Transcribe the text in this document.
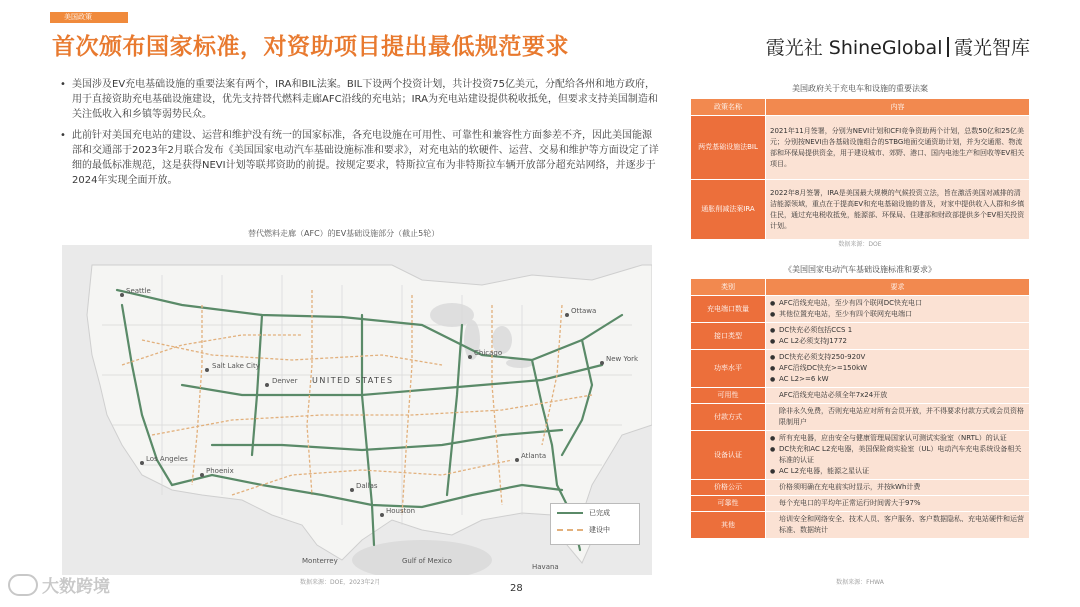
美国政策
首次颁布国家标准，对资助项目提出最低规范要求	霞光社 ShineGlobal 霞光智库

• 美国涉及EV充电基础设施的重要法案有两个，IRA和BIL法案。BIL下设两个投资计划，共计投资75亿美元，分配给各州和地方政府，用于直接资助充电基础设施建设，优先支持替代燃料走廊AFC沿线的充电站；IRA为充电站建设提供税收抵免，但要求支持美国制造和关注低收入和乡镇等弱势民众。

• 此前针对美国充电站的建设、运营和维护没有统一的国家标准，各充电设施在可用性、可靠性和兼容性方面参差不齐，因此美国能源部和交通部于2023年2月联合发布《美国国家电动汽车基础设施标准和要求》，对充电站的软硬件、运营、交易和维护等方面设定了详细的最低标准规范，这是获得NEVI计划等联邦资助的前提。按规定要求，特斯拉宣布为非特斯拉车辆开放部分超充站网络，并逐步于2024年实现全面开放。

替代燃料走廊（AFC）的EV基础设施部分（截止5轮）
Seattle
Salt Lake City
Denver
Chicago
Ottawa
New York
Los Angeles
Phoenix
Dallas
Houston
Atlanta
Gulf of Mexico
Monterrey
Havana
UNITED STATES
已完成
建设中
数据来源：DOE，2023年2月
大数跨境	28
美国政府关于充电车和设施的重要法案
政策名称	内容
两党基础设施法BIL	2021年11月签署，分别为NEVI计划和CFI竞争资助两个计划，总数50亿和25亿美元；分别按NEVI由各基础设施组合的STBG地面交通资助计划，并为交通需、物流部和环保局提供资金，用于建设城市、郊野、港口、国内电池生产和回收等EV相关项目。
通胀削减法案IRA	2022年8月签署，IRA是美国最大规模的气候投资立法，旨在激活美国对减排的清洁能源领域，重点在于提高EV和充电基础设施的普及，对家中提供收入人群和乡镇住民，通过充电税收抵免，能源部、环保局、住建部和财政部提供多个EV相关投资计划。
数据来源：DOE
《美国国家电动汽车基础设施标准和要求》
类别	要求
充电端口数量	● AFC沿线充电站，至少有四个联网DC快充电口
● 其他位置充电站，至少有四个联网充电端口

接口类型	● DC快充必须包括CCS 1
● AC L2必须支持J1772

功率水平	● DC快充必须支持250-920V
● AFC沿线DC快充>=150kW
● AC L2>=6 kW

可用性	AFC沿线充电站必须全年7x24开放

付款方式	除非永久免费，否则充电站应对所有会员开放，并不得要求付款方式或会员资格限制用户

设备认证	● 所有充电器，应由安全与健康管理局国家认可测试实验室（NRTL）的认证
● DC快充和AC L2充电器，美国保险商实验室（UL）电动汽车充电系统设备相关标准的认证
● AC L2充电器，能源之星认证

价格公示	价格须明确在充电前实时显示，并按kWh计费

可靠性	每个充电口的平均年正常运行时间需大于97%

其他	培训安全和网络安全、技术人员、客户服务、客户数据隐私、充电站硬件和运营标准、数据统计
数据来源：FHWA
